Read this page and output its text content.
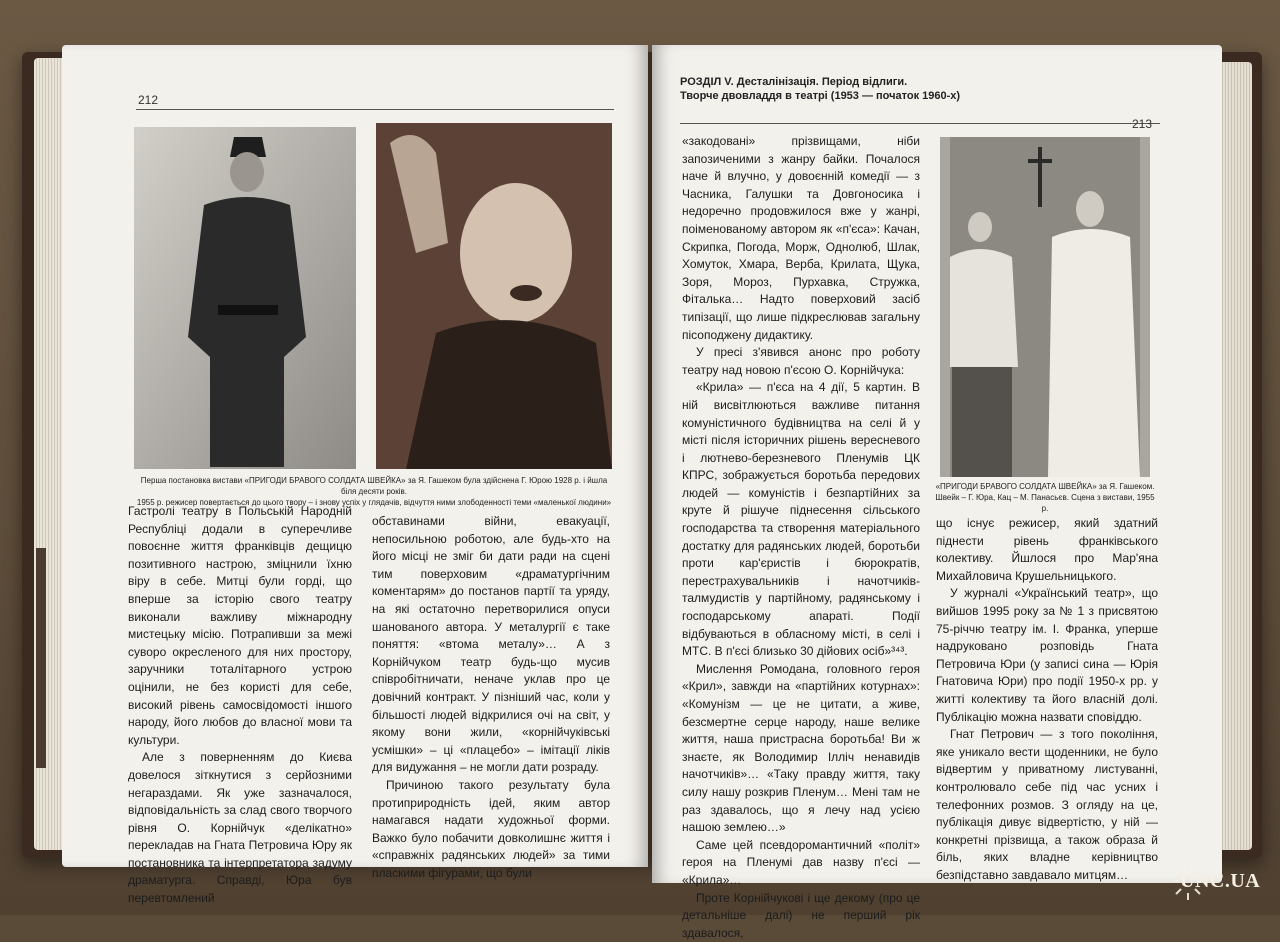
212
Перша постановка вистави «ПРИГОДИ БРАВОГО СОЛДАТА ШВЕЙКА» за Я. Гашеком була здійснена Г. Юрою 1928 р. і йшла біля десяти років.
1955 р. режисер повертається до цього твору – і знову успіх у глядачів, відчуття ними злободенності теми «маленької людини»

Гастролі театру в Польській Народній Республіці додали в суперечливе повоєнне життя франківців дещицю позитивного настрою, зміцнили їхню віру в себе. Митці були горді, що вперше за історію свого театру виконали важливу міжнародну мистецьку місію. Потрапивши за межі суворо окресленого для них простору, заручники тоталітарного устрою оцінили, не без користі для себе, високий рівень самосвідомості іншого народу, його любов до власної мови та культури.

Але з поверненням до Києва довелося зіткнутися з серйозними негараздами. Як уже зазначалося, відповідальність за слад свого творчого рівня О. Корнійчук «делікатно» перекладав на Гната Петровича Юру як постановника та інтерпретатора задуму драматурга. Справді, Юра був перевтомлений

обставинами війни, евакуації, непосильною роботою, але будь-хто на його місці не зміг би дати ради на сцені тим поверховим «драматургічним коментарям» до постанов партії та уряду, на які остаточно перетворилися опуси шанованого автора. У металургії є таке поняття: «втома металу»… А з Корнійчуком театр будь-що мусив співробітничати, неначе уклав про це довічний контракт. У пізніший час, коли у більшості людей відкрилися очі на світ, у якому вони жили, «корнійчуківські усмішки» – ці «плацебо» – імітації ліків для видужання – не могли дати розраду.

Причиною такого результату була протиприродність ідей, яким автор намагався надати художньої форми. Важко було побачити довколишнє життя і «справжніх радянських людей» за тими пласкими фігурами, що були

РОЗДІЛ V. Десталінізація. Період відлиги.
Творче двовладдя в театрі (1953 — початок 1960-х)
213

«закодовані» прізвищами, ніби запозиченими з жанру байки. Почалося наче й влучно, у довоєнній комедії — з Часника, Галушки та Довгоносика і недоречно продовжилося вже у жанрі, поіменованому автором як «п'єса»: Качан, Скрипка, Погода, Морж, Однолюб, Шлак, Хомуток, Хмара, Верба, Крилата, Щука, Зоря, Мороз, Пурхавка, Стружка, Фіталька… Надто поверховий засіб типізації, що лише підкреслював загальну пісоподжену дидактику.

У пресі з'явився анонс про роботу театру над новою п'єсою О. Корнійчука:

«Крила» — п'єса на 4 дії, 5 картин. В ній висвітлюються важливе питання комуністичного будівництва на селі й у місті після історичних рішень вересневого і лютнево-березневого Пленумів ЦК КПРС, зображується боротьба передових людей — комуністів і безпартійних за круте й рішуче піднесення сільського господарства та створення матеріального достатку для радянських людей, боротьби проти кар'єристів і бюрократів, перестрахувальників і начотчиків-талмудистів у партійному, радянському і господарському апараті. Події відбуваються в обласному місті, в селі і МТС. В п'єсі близько 30 дійових осіб»³⁴³.

Мислення Ромодана, головного героя «Крил», завжди на «партійних котурнах»: «Комунізм — це не цитати, а живе, безсмертне серце народу, наше велике життя, наша пристрасна боротьба! Ви ж знаєте, як Володимир Ілліч ненавидів начотчиків»… «Таку правду життя, таку силу нашу розкрив Пленум… Мені там не раз здавалось, що я лечу над усією нашою землею…»

Саме цей псевдоромантичний «політ» героя на Пленумі дав назву п'єсі — «Крила»…

Проте Корнійчукові і ще декому (про це детальніше далі) не перший рік здавалося,

«ПРИГОДИ БРАВОГО СОЛДАТА ШВЕЙКА» за Я. Гашеком.
Швейк – Г. Юра, Кац – М. Панасьєв. Сцена з вистави, 1955 р.

що існує режисер, який здатний піднести рівень франківського колективу. Йшлося про Мар'яна Михайловича Крушельницького.

У журналі «Український театр», що вийшов 1995 року за № 1 з присвятою 75-річчю театру ім. І. Франка, уперше надруковано розповідь Гната Петровича Юри (у записі сина — Юрія Гнатовича Юри) про події 1950-х рр. у житті колективу та його власній долі. Публікацію можна назвати сповіддю.

Гнат Петрович — з того покоління, яке уникало вести щоденники, не було відвертим у приватному листуванні, контролювало себе під час усних і телефонних розмов. З огляду на це, публікація дивує відвертістю, у ній — конкретні прізвища, а також образа й біль, яких владне керівництво безпідставно завдавало митцям…	UNC.UA
